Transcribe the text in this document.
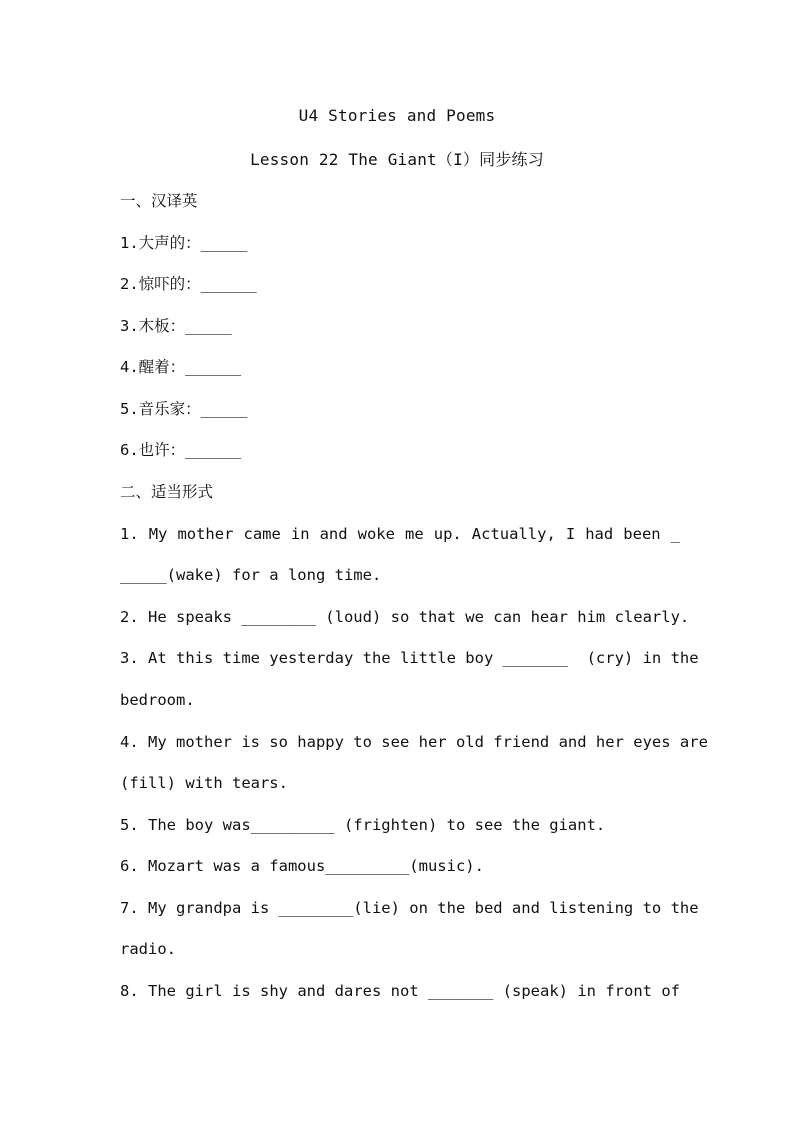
U4 Stories and Poems
Lesson 22 The Giant（I）同步练习
一、汉译英
1.大声的：_____
2.惊吓的：______
3.木板：_____
4.醒着：______
5.音乐家：_____
6.也许：______
二、适当形式
1. My mother came in and woke me up. Actually, I had been _
_____(wake) for a long time.
2. He speaks ________ (loud) so that we can hear him clearly.
3. At this time yesterday the little boy _______  (cry) in the
bedroom.
4. My mother is so happy to see her old friend and her eyes are
(fill) with tears.
5. The boy was_________ (frighten) to see the giant.
6. Mozart was a famous_________(music).
7. My grandpa is ________(lie) on the bed and listening to the
radio.
8. The girl is shy and dares not _______ (speak) in front of
